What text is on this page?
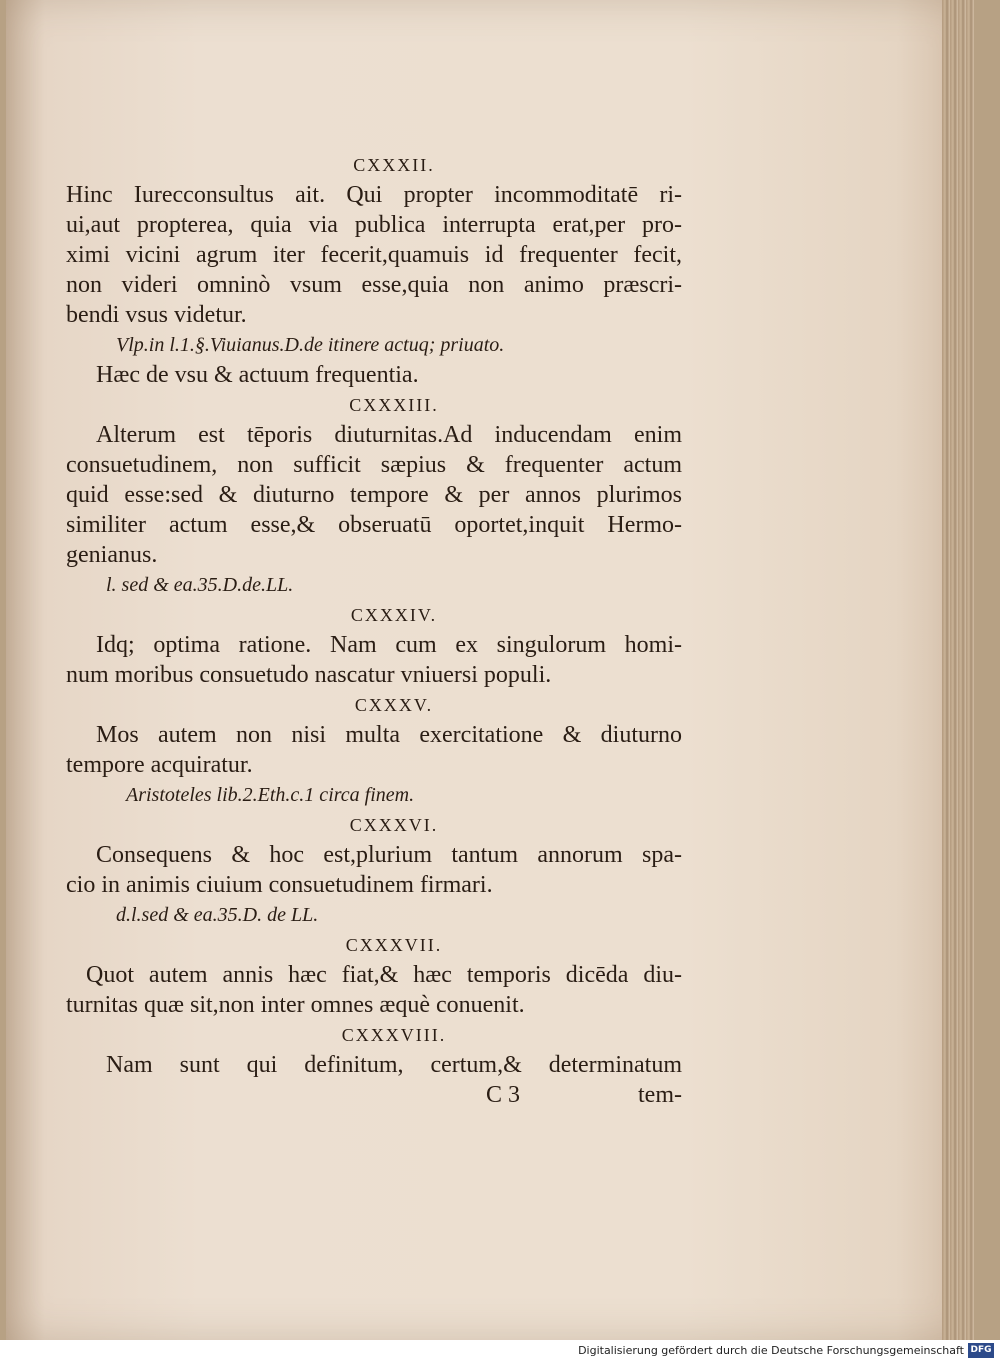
CXXXII.
Hinc Iurecconsultus ait. Qui propter incommoditatē ri-
ui,aut propterea, quia via publica interrupta erat,per pro-
ximi vicini agrum iter fecerit,quamuis id frequenter fecit,
non videri omninò vsum esse,quia non animo præscri-
bendi vsus videtur.
Vlp.in l.1.§.Viuianus.D.de itinere actuq; priuato.
Hæc de vsu & actuum frequentia.
CXXXIII.
Alterum est tēporis diuturnitas.Ad inducendam enim
consuetudinem, non sufficit sæpius & frequenter actum
quid esse:sed & diuturno tempore & per annos plurimos
similiter actum esse,& obseruatū oportet,inquit Hermo-
genianus.
l. sed & ea.35.D.de.LL.
CXXXIV.
Idq; optima ratione. Nam cum ex singulorum homi-
num moribus consuetudo nascatur vniuersi populi.
CXXXV.
Mos autem non nisi multa exercitatione & diuturno
tempore acquiratur.
Aristoteles lib.2.Eth.c.1 circa finem.
CXXXVI.
Consequens & hoc est,plurium tantum annorum spa-
cio in animis ciuium consuetudinem firmari.
d.l.sed & ea.35.D. de LL.
CXXXVII.
Quot autem annis hæc fiat,& hæc temporis dicēda diu-
turnitas quæ sit,non inter omnes æquè conuenit.
CXXXVIII.
Nam sunt qui definitum, certum,& determinatum
C 3	tem-
Digitalisierung gefördert durch die Deutsche Forschungsgemeinschaft DFG
